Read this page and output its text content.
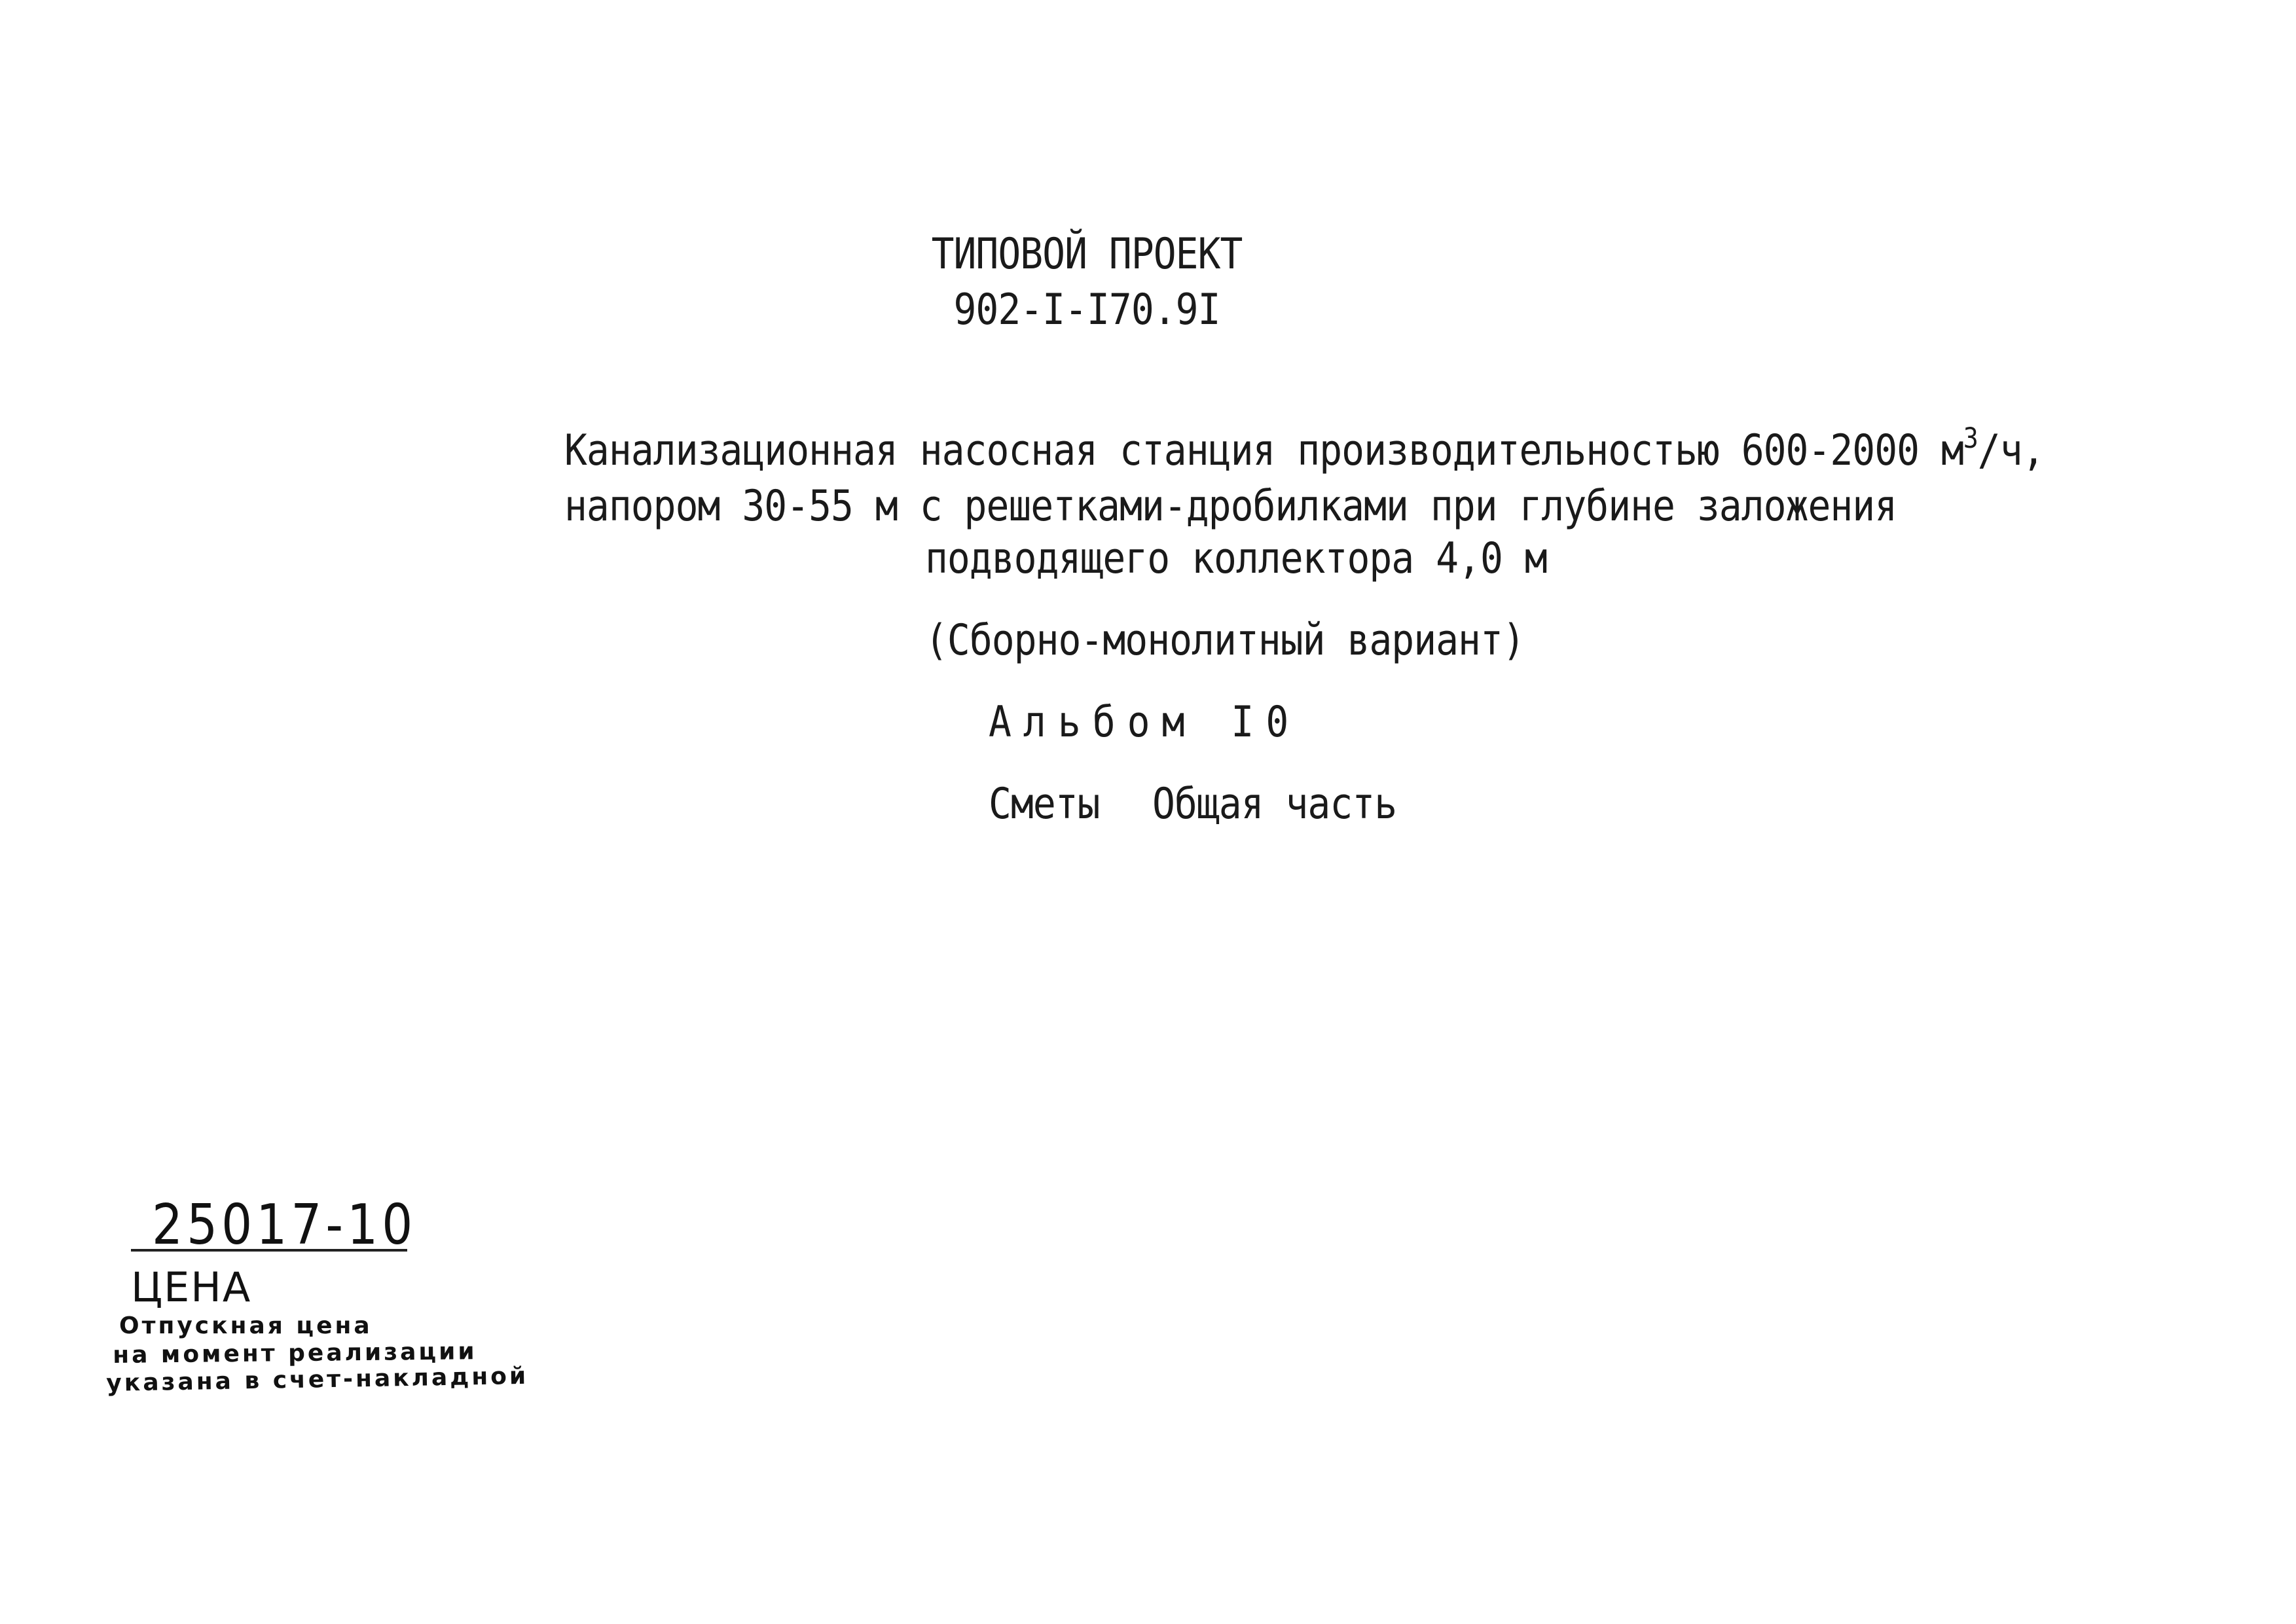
ТИПОВОЙ ПРОЕКТ
902-I-I70.9I
Канализационная насосная станция производительностью 600-2000 $м^3/ч$,
напором 30-55 м с решетками-дробилками при глубине заложения
подводящего коллектора 4,0 м
(Сборно-монолитный вариант)
Альбом I0
Сметы Общая часть
25017-10
ЦЕНА
Отпускная цена
на момент реализации
указана в счет-накладной
